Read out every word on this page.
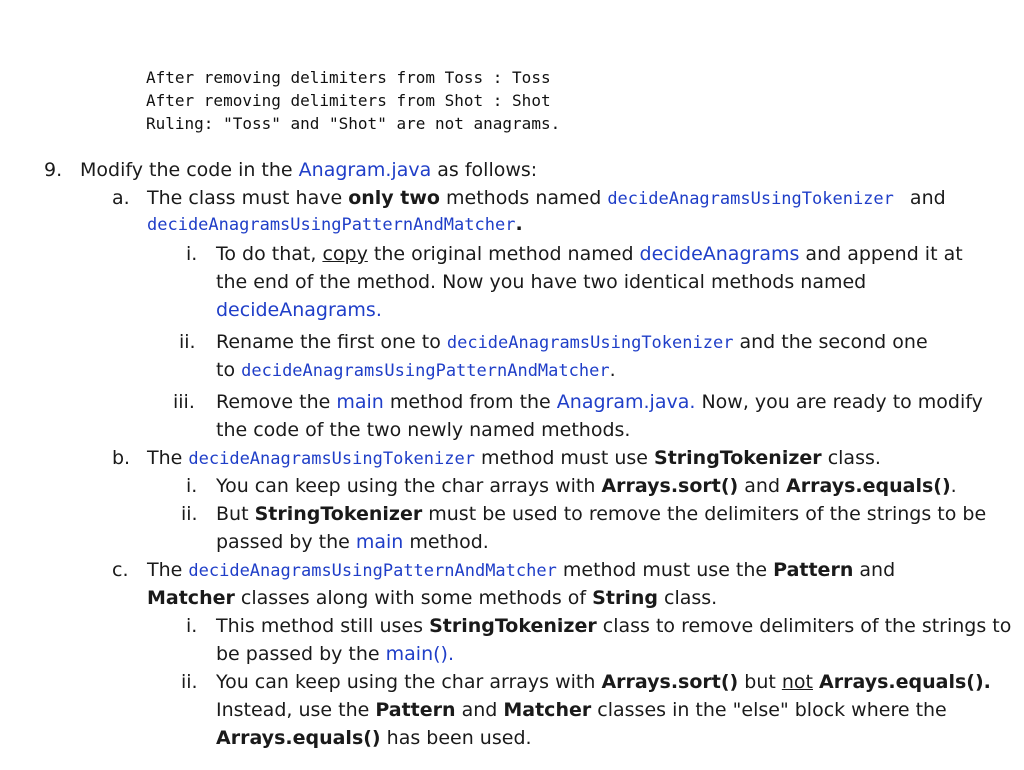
After removing delimiters from Toss : Toss
After removing delimiters from Shot : Shot
Ruling: "Toss" and "Shot" are not anagrams.
9. Modify the code in the Anagram.java as follows:
a. The class must have only two methods named decideAnagramsUsingTokenizer and
decideAnagramsUsingPatternAndMatcher.
i. To do that, copy the original method named decideAnagrams and append it at
the end of the method. Now you have two identical methods named
decideAnagrams.
ii. Rename the first one to decideAnagramsUsingTokenizer and the second one
to decideAnagramsUsingPatternAndMatcher.
iii. Remove the main method from the Anagram.java. Now, you are ready to modify
the code of the two newly named methods.
b. The decideAnagramsUsingTokenizer method must use StringTokenizer class.
i. You can keep using the char arrays with Arrays.sort() and Arrays.equals().
ii. But StringTokenizer must be used to remove the delimiters of the strings to be
passed by the main method.
c. The decideAnagramsUsingPatternAndMatcher method must use the Pattern and
Matcher classes along with some methods of String class.
i. This method still uses StringTokenizer class to remove delimiters of the strings to
be passed by the main().
ii. You can keep using the char arrays with Arrays.sort() but not Arrays.equals().
Instead, use the Pattern and Matcher classes in the "else" block where the
Arrays.equals() has been used.
